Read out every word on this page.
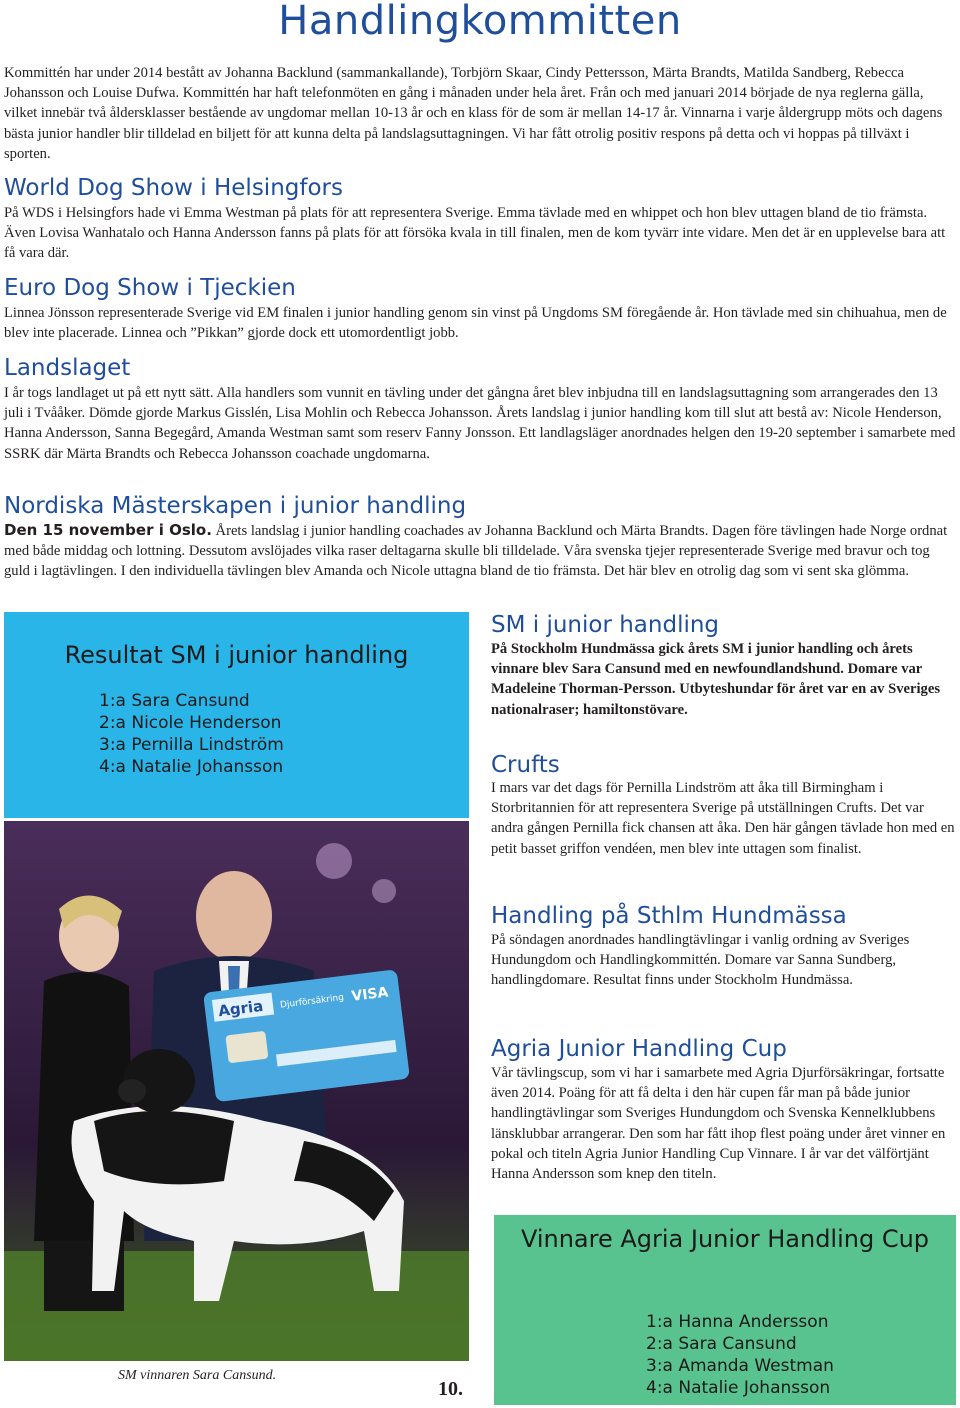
Handlingkommitten

Kommittén har under 2014 bestått av Johanna Backlund (sammankallande), Torbjörn Skaar, Cindy Pettersson, Märta Brandts, Matilda Sandberg, Rebecca Johansson och Louise Dufwa. Kommittén har haft telefonmöten en gång i månaden under hela året. Från och med januari 2014 började de nya reglerna gälla, vilket innebär två åldersklasser bestående av ungdomar mellan 10-13 år och en klass för de som är mellan 14-17 år. Vinnarna i varje åldergrupp möts och dagens bästa junior handler blir tilldelad en biljett för att kunna delta på landslagsuttagningen. Vi har fått otrolig positiv respons på detta och vi hoppas på tillväxt i sporten.

World Dog Show i Helsingfors

På WDS i Helsingfors hade vi Emma Westman på plats för att representera Sverige. Emma tävlade med en whippet och hon blev uttagen bland de tio främsta. Även Lovisa Wanhatalo och Hanna Andersson fanns på plats för att försöka kvala in till finalen, men de kom tyvärr inte vidare. Men det är en upplevelse bara att få vara där.

Euro Dog Show i Tjeckien

Linnea Jönsson representerade Sverige vid EM finalen i junior handling genom sin vinst på Ungdoms SM föregående år. Hon tävlade med sin chihuahua, men de blev inte placerade. Linnea och ”Pikkan” gjorde dock ett utomordentligt jobb.

Landslaget

I år togs landlaget ut på ett nytt sätt. Alla handlers som vunnit en tävling under det gångna året blev inbjudna till en landslagsuttagning som arrangerades den 13 juli i Tvååker. Dömde gjorde Markus Gisslén, Lisa Mohlin och Rebecca Johansson. Årets landslag i junior handling kom till slut att bestå av: Nicole Henderson, Hanna Andersson, Sanna Begegård, Amanda Westman samt som reserv Fanny Jonsson. Ett landlagsläger anordnades helgen den 19-20 september i samarbete med SSRK där Märta Brandts och Rebecca Johansson coachade ungdomarna.

Nordiska Mästerskapen i junior handling

Den 15 november i Oslo. Årets landslag i junior handling coachades av Johanna Backlund och Märta Brandts. Dagen före tävlingen hade Norge ordnat med både middag och lottning. Dessutom avslöjades vilka raser deltagarna skulle bli tilldelade. Våra svenska tjejer representerade Sverige med bravur och tog guld i lagtävlingen. I den individuella tävlingen blev Amanda och Nicole uttagna bland de tio främsta. Det här blev en otrolig dag som vi sent ska glömma.

Resultat SM i junior handling
1:a Sara Cansund
2:a Nicole Henderson
3:a Pernilla Lindström
4:a Natalie Johansson
Agria Djurförsäkring VISA
SM vinnaren Sara Cansund.
10.
SM i junior handling

På Stockholm Hundmässa gick årets SM i junior handling och årets vinnare blev Sara Cansund med en newfoundlandshund. Domare var Madeleine Thorman-Persson. Utbyteshundar för året var en av Sveriges nationalraser; hamiltonstövare.

Crufts

I mars var det dags för Pernilla Lindström att åka till Birmingham i Storbritannien för att representera Sverige på utställningen Crufts. Det var andra gången Pernilla fick chansen att åka. Den här gången tävlade hon med en petit basset griffon vendéen, men blev inte uttagen som finalist.

Handling på Sthlm Hundmässa

På söndagen anordnades handlingtävlingar i vanlig ordning av Sveriges Hundungdom och Handlingkommittén. Domare var Sanna Sundberg, handlingdomare. Resultat finns under Stockholm Hundmässa.

Agria Junior Handling Cup

Vår tävlingscup, som vi har i samarbete med Agria Djurförsäkringar, fortsatte även 2014. Poäng för att få delta i den här cupen får man på både junior handlingtävlingar som Sveriges Hundungdom och Svenska Kennelklubbens länsklubbar arrangerar. Den som har fått ihop flest poäng under året vinner en pokal och titeln Agria Junior Handling Cup Vinnare. I år var det välförtjänt Hanna Andersson som knep den titeln.

Vinnare Agria Junior Handling Cup
1:a Hanna Andersson
2:a Sara Cansund
3:a Amanda Westman
4:a Natalie Johansson
